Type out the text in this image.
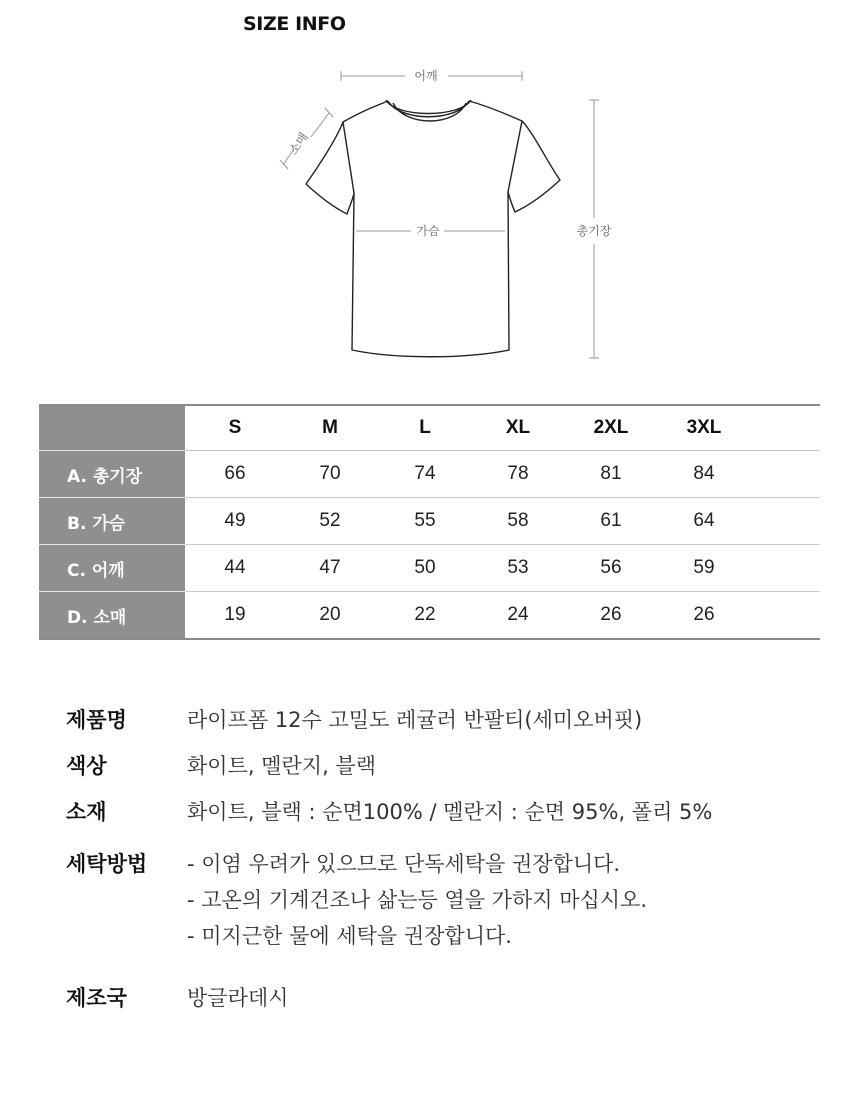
SIZE INFO
어깨
소매
가슴	총기장
	S	M	L	XL	2XL	3XL	
A. 총기장	66	70	74	78	81	84	
B. 가슴	49	52	55	58	61	64	
C. 어깨	44	47	50	53	56	59	
D. 소매	19	20	22	24	26	26	
제품명	라이프폼 12수 고밀도 레귤러 반팔티(세미오버핏)
색상	화이트, 멜란지, 블랙
소재	화이트, 블랙 : 순면100% / 멜란지 : 순면 95%, 폴리 5%
세탁방법	- 이염 우려가 있으므로 단독세탁을 권장합니다.
- 고온의 기계건조나 삶는등 열을 가하지 마십시오.
- 미지근한 물에 세탁을 권장합니다.
제조국	방글라데시
